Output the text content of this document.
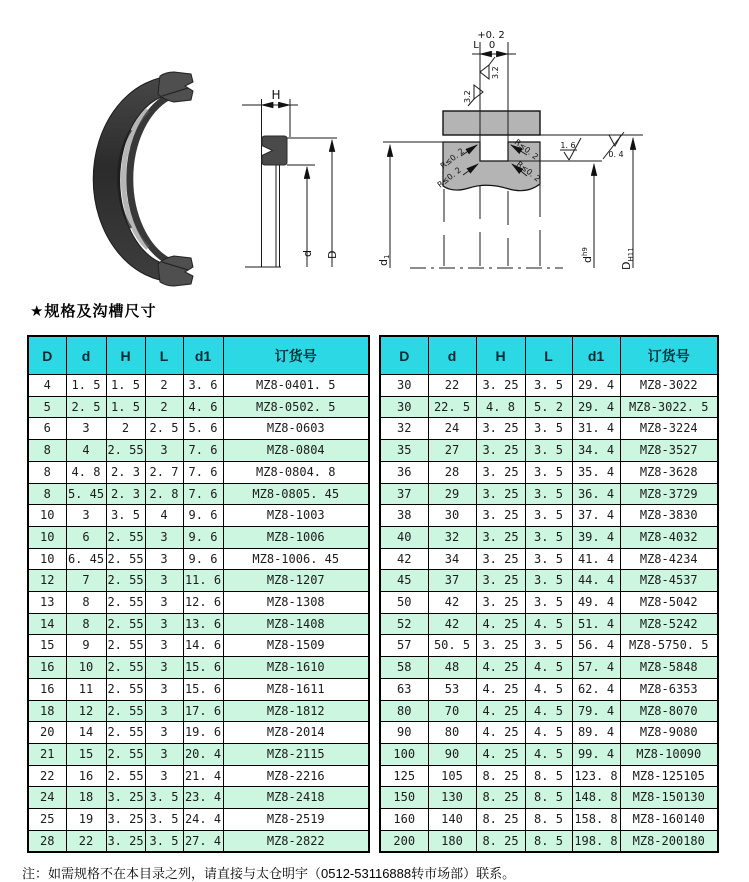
H
d D
+0. 2
L 0
3.2
3.2
R≤0. 2
R≤0. 2
R≤0. 2
R≤0. 2
d1	$d^{h9}$
$D_{H11}$
1. 6
0. 4
★规格及沟槽尺寸
D	d	H	L	d1	订货号
4	1. 5	1. 5	2	3. 6	MZ8-0401. 5
5	2. 5	1. 5	2	4. 6	MZ8-0502. 5
6	3	2	2. 5	5. 6	MZ8-0603
8	4	2. 55	3	7. 6	MZ8-0804
8	4. 8	2. 3	2. 7	7. 6	MZ8-0804. 8
8	5. 45	2. 3	2. 8	7. 6	MZ8-0805. 45
10	3	3. 5	4	9. 6	MZ8-1003
10	6	2. 55	3	9. 6	MZ8-1006
10	6. 45	2. 55	3	9. 6	MZ8-1006. 45
12	7	2. 55	3	11. 6	MZ8-1207
13	8	2. 55	3	12. 6	MZ8-1308
14	8	2. 55	3	13. 6	MZ8-1408
15	9	2. 55	3	14. 6	MZ8-1509
16	10	2. 55	3	15. 6	MZ8-1610
16	11	2. 55	3	15. 6	MZ8-1611
18	12	2. 55	3	17. 6	MZ8-1812
20	14	2. 55	3	19. 6	MZ8-2014
21	15	2. 55	3	20. 4	MZ8-2115
22	16	2. 55	3	21. 4	MZ8-2216
24	18	3. 25	3. 5	23. 4	MZ8-2418
25	19	3. 25	3. 5	24. 4	MZ8-2519
28	22	3. 25	3. 5	27. 4	MZ8-2822
D	d	H	L	d1	订货号
30	22	3. 25	3. 5	29. 4	MZ8-3022
30	22. 5	4. 8	5. 2	29. 4	MZ8-3022. 5
32	24	3. 25	3. 5	31. 4	MZ8-3224
35	27	3. 25	3. 5	34. 4	MZ8-3527
36	28	3. 25	3. 5	35. 4	MZ8-3628
37	29	3. 25	3. 5	36. 4	MZ8-3729
38	30	3. 25	3. 5	37. 4	MZ8-3830
40	32	3. 25	3. 5	39. 4	MZ8-4032
42	34	3. 25	3. 5	41. 4	MZ8-4234
45	37	3. 25	3. 5	44. 4	MZ8-4537
50	42	3. 25	3. 5	49. 4	MZ8-5042
52	42	4. 25	4. 5	51. 4	MZ8-5242
57	50. 5	3. 25	3. 5	56. 4	MZ8-5750. 5
58	48	4. 25	4. 5	57. 4	MZ8-5848
63	53	4. 25	4. 5	62. 4	MZ8-6353
80	70	4. 25	4. 5	79. 4	MZ8-8070
90	80	4. 25	4. 5	89. 4	MZ8-9080
100	90	4. 25	4. 5	99. 4	MZ8-10090
125	105	8. 25	8. 5	123. 8	MZ8-125105
150	130	8. 25	8. 5	148. 8	MZ8-150130
160	140	8. 25	8. 5	158. 8	MZ8-160140
200	180	8. 25	8. 5	198. 8	MZ8-200180
注：如需规格不在本目录之列，请直接与太仓明宇（0512-53116888转市场部）联系。
